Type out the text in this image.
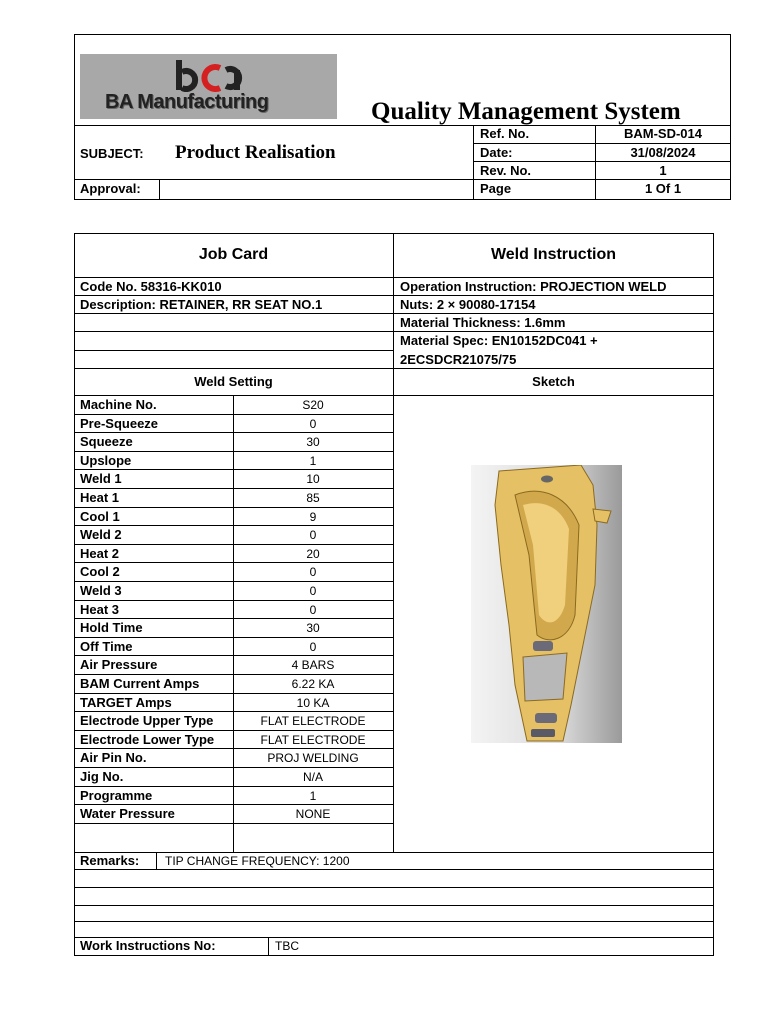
BA Manufacturing	Quality Management System
SUBJECT: Product Realisation
Approval:
Ref. No.	BAM-SD-014
Date:	31/08/2024
Rev. No.	1
Page	1 Of 1
Job Card	Weld Instruction
Code No. 58316-KK010
Description: RETAINER, RR SEAT NO.1
Operation Instruction: PROJECTION WELD
Nuts: 2 × 90080-17154
Material Thickness: 1.6mm
Material Spec: EN10152DC041 +
2ECSDCR21075/75
Weld Setting	Sketch
Machine No.	S20
Pre-Squeeze	0
Squeeze	30
Upslope	1
Weld 1	10
Heat 1	85
Cool 1	9
Weld 2	0
Heat 2	20
Cool 2	0
Weld 3	0
Heat 3	0
Hold Time	30
Off Time	0
Air Pressure	4 BARS
BAM Current Amps	6.22 KA
TARGET Amps	10 KA
Electrode Upper Type	FLAT ELECTRODE
Electrode Lower Type	FLAT ELECTRODE
Air Pin No.	PROJ WELDING
Jig No.	N/A
Programme	1
Water Pressure	NONE
Remarks: TIP CHANGE FREQUENCY: 1200
Work Instructions No:	TBC
